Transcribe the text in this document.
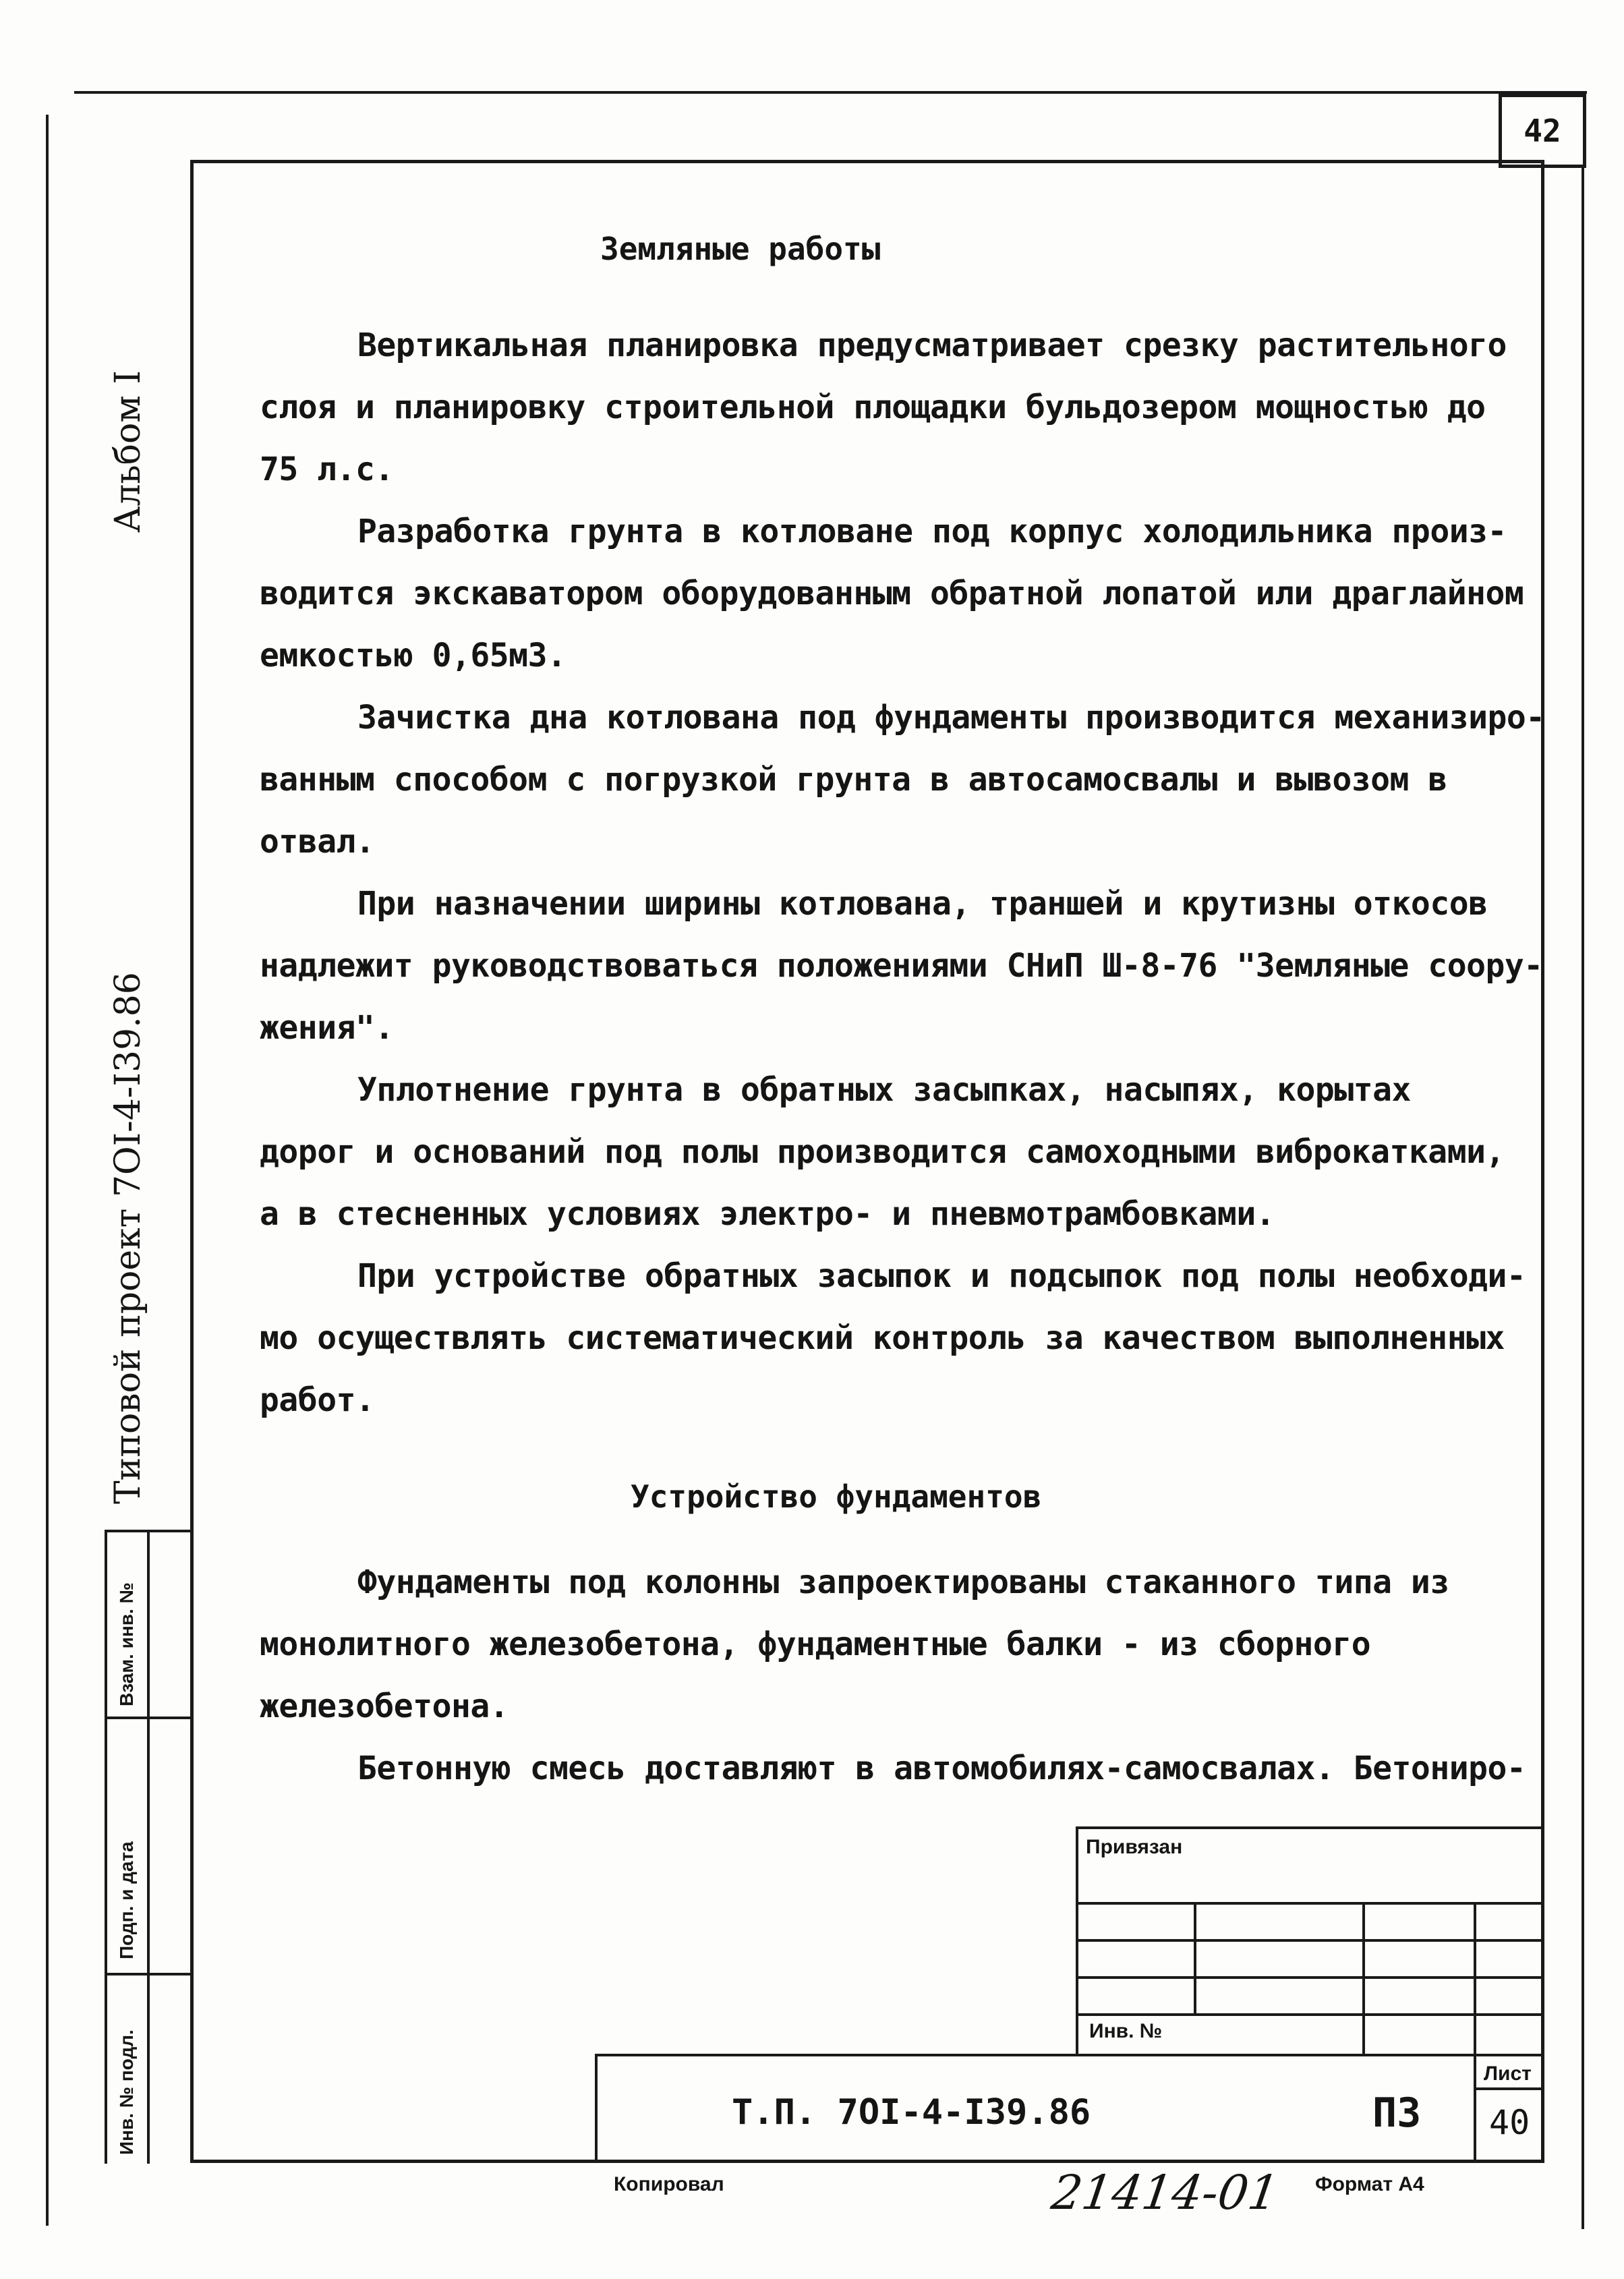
42
Альбом I
Типовой проект 7OI-4-I39.86
Взам. инв. №
Подп. и дата
Инв. № подл.
Земляные работы

Вертикальная планировка предусматривает срезку растительного

слоя и планировку строительной площадки бульдозером мощностью до

75 л.с.

Разработка грунта в котловане под корпус холодильника произ-

водится экскаватором оборудованным обратной лопатой или драглайном

емкостью 0,65м3.

Зачистка дна котлована под фундаменты производится механизиро-

ванным способом с погрузкой грунта в автосамосвалы и вывозом в

отвал.

При назначении ширины котлована, траншей и крутизны откосов

надлежит руководствоваться положениями СНиП Ш-8-76 "Земляные соору-

жения".

Уплотнение грунта в обратных засыпках, насыпях, корытах

дорог и оснований под полы производится самоходными виброкатками,

а в стесненных условиях электро- и пневмотрамбовками.

При устройстве обратных засыпок и подсыпок под полы необходи-

мо осуществлять систематический контроль за качеством выполненных

работ.

Устройство фундаментов

Фундаменты под колонны запроектированы стаканного типа из

монолитного железобетона, фундаментные балки - из сборного

железобетона.

Бетонную смесь доставляют в автомобилях-самосвалах. Бетониро-

Привязан
Инв. №
Т.П. 7OI-4-I39.86	ПЗ
Лист
40
Копировал	21414-01 Формат А4
